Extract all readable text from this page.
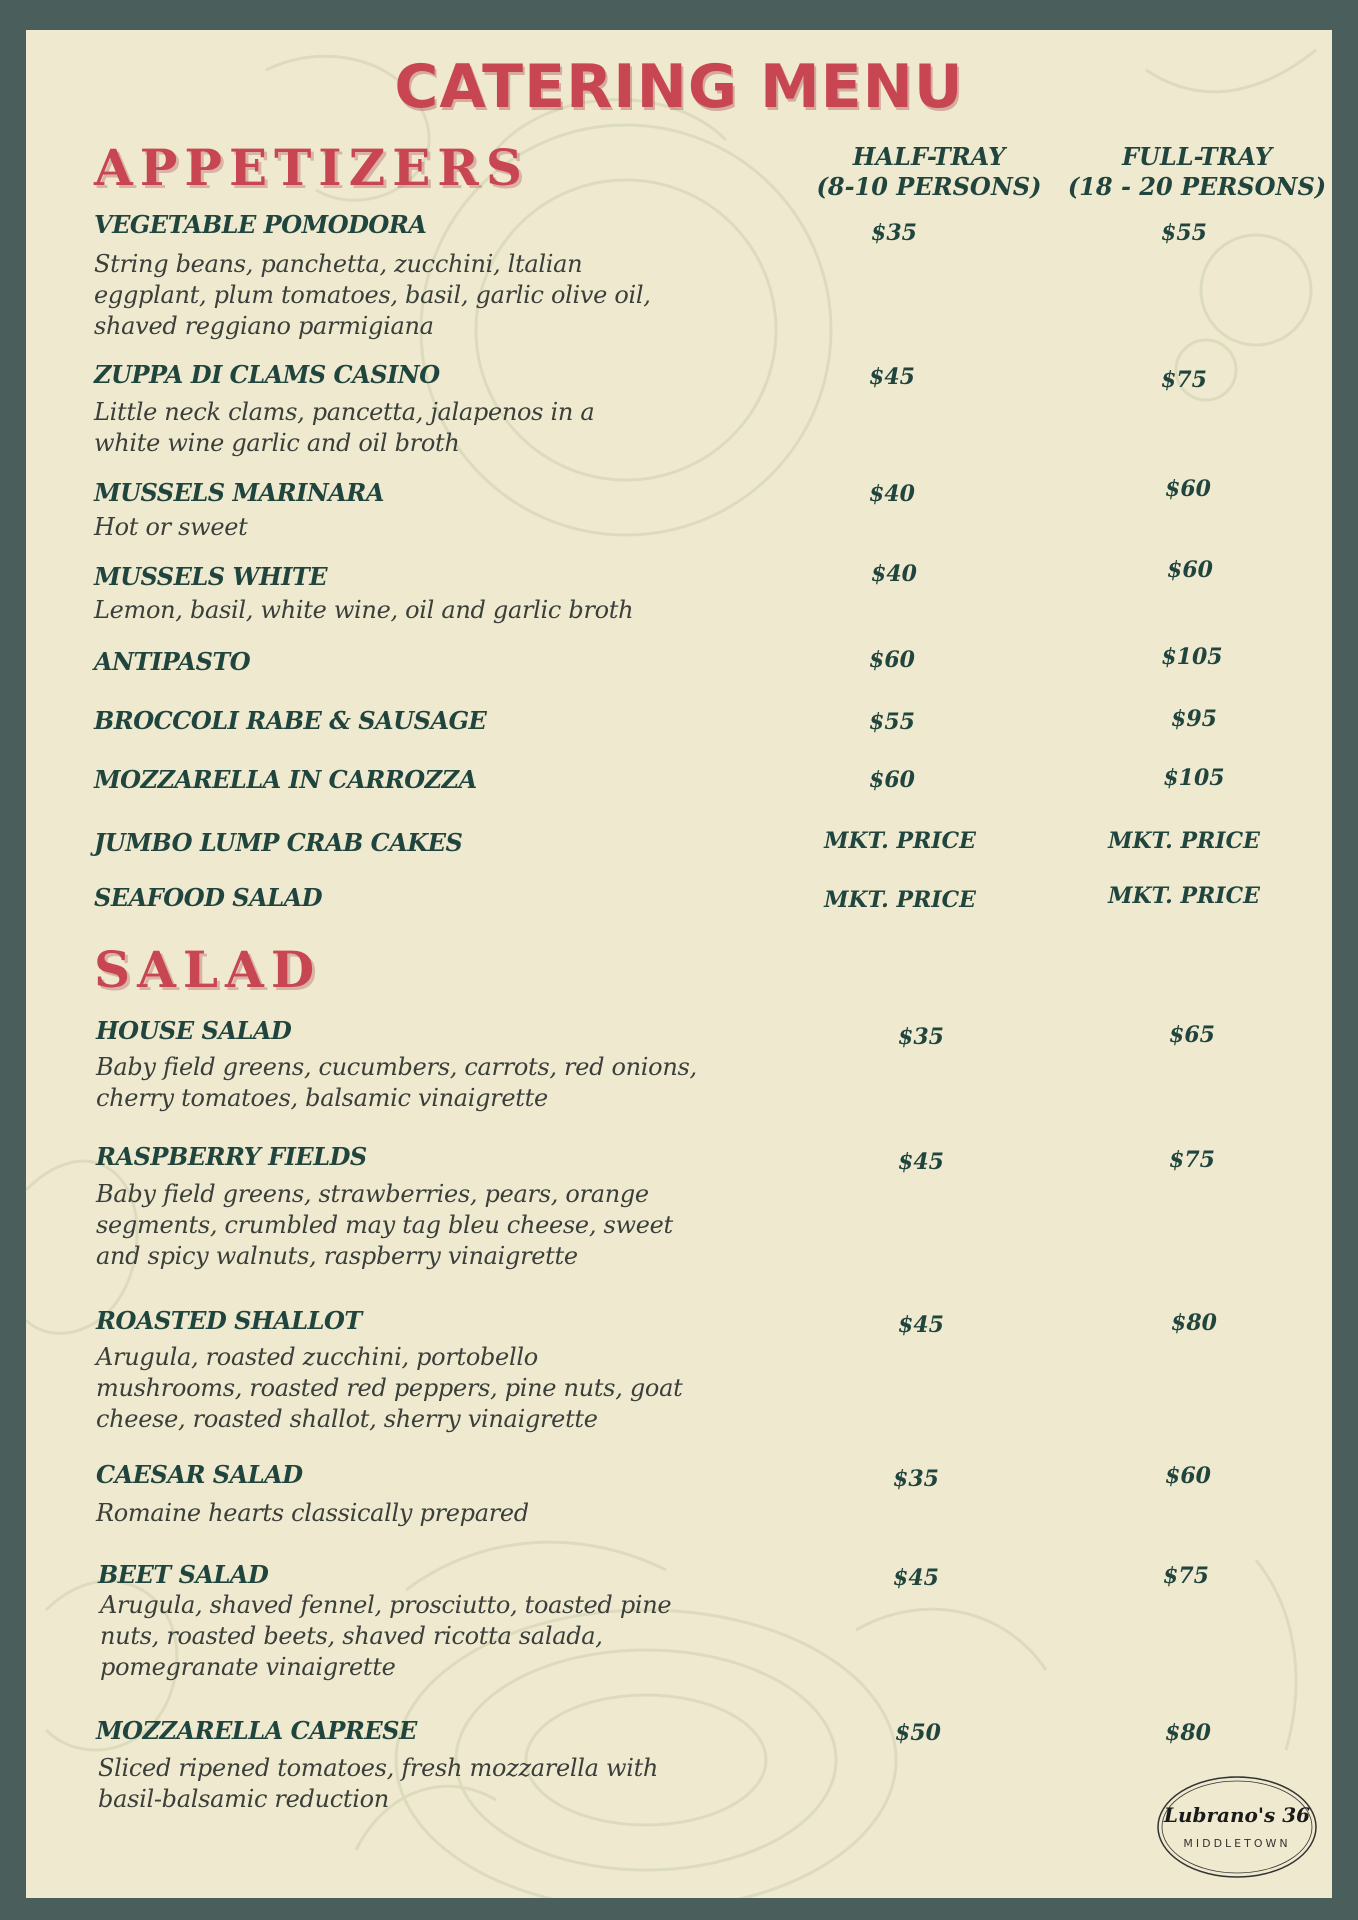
CATERING MENU
APPETIZERS	HALF-TRAY
(8-10 PERSONS)
FULL-TRAY
(18 - 20 PERSONS)
VEGETABLE POMODORA
String beans, panchetta, zucchini, ltalian
eggplant, plum tomatoes, basil, garlic olive oil,
shaved reggiano parmigiana
$35	$55
ZUPPA DI CLAMS CASINO
Little neck clams, pancetta, jalapenos in a
white wine garlic and oil broth
$45	$75
MUSSELS MARINARA
Hot or sweet
$40	$60
MUSSELS WHITE
Lemon, basil, white wine, oil and garlic broth
$40	$60
ANTIPASTO	$60	$105
BROCCOLI RABE & SAUSAGE	$55	$95
MOZZARELLA IN CARROZZA	$60	$105
JUMBO LUMP CRAB CAKES	MKT. PRICE	MKT. PRICE
SEAFOOD SALAD	MKT. PRICE	MKT. PRICE
SALAD
HOUSE SALAD
Baby field greens, cucumbers, carrots, red onions,
cherry tomatoes, balsamic vinaigrette
$35	$65
RASPBERRY FIELDS
Baby field greens, strawberries, pears, orange
segments, crumbled may tag bleu cheese, sweet
and spicy walnuts, raspberry vinaigrette
$45	$75
ROASTED SHALLOT
Arugula, roasted zucchini, portobello
mushrooms, roasted red peppers, pine nuts, goat
cheese, roasted shallot, sherry vinaigrette
$45	$80
CAESAR SALAD
Romaine hearts classically prepared
$35	$60
BEET SALAD
Arugula, shaved fennel, prosciutto, toasted pine
nuts, roasted beets, shaved ricotta salada,
pomegranate vinaigrette
$45	$75
MOZZARELLA CAPRESE
Sliced ripened tomatoes, fresh mozzarella with
basil-balsamic reduction
$50	$80
Lubrano's 36
MIDDLETOWN
